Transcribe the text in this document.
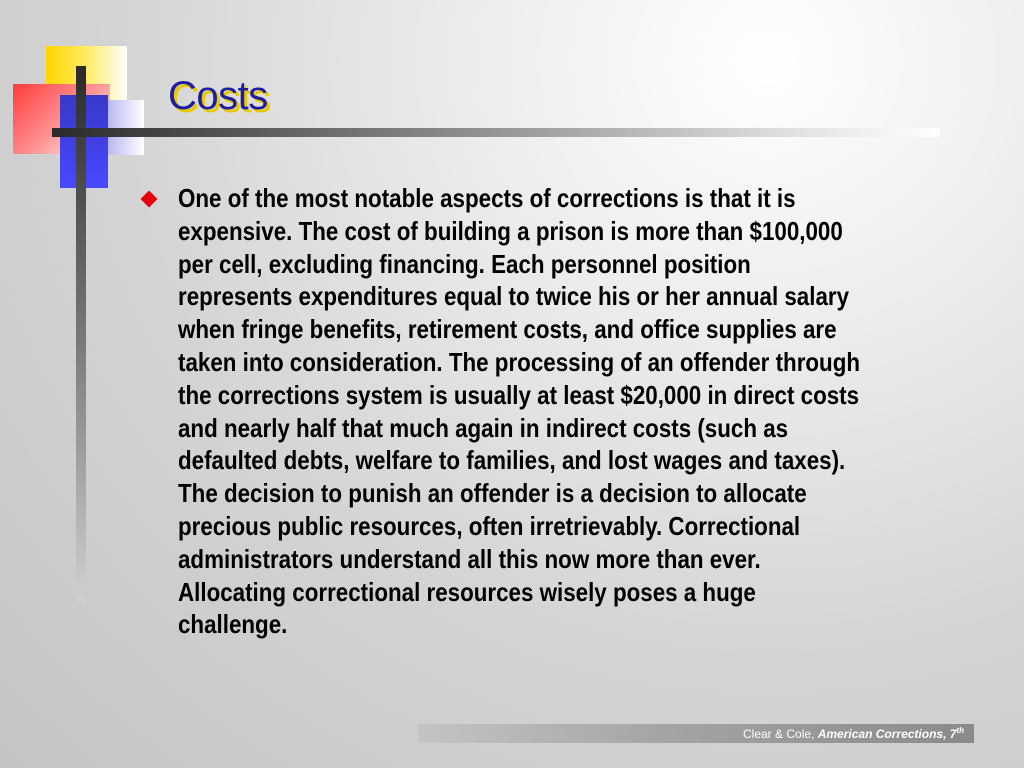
Costs

One of the most notable aspects of corrections is that it is expensive. The cost of building a prison is more than $100,000 per cell, excluding financing. Each personnel position represents expenditures equal to twice his or her annual salary when fringe benefits, retirement costs, and office supplies are taken into consideration. The processing of an offender through the corrections system is usually at least $20,000 in direct costs and nearly half that much again in indirect costs (such as defaulted debts, welfare to families, and lost wages and taxes). The decision to punish an offender is a decision to allocate precious public resources, often irretrievably. Correctional administrators understand all this now more than ever. Allocating correctional resources wisely poses a huge challenge.

Clear & Cole, American Corrections, 7th
